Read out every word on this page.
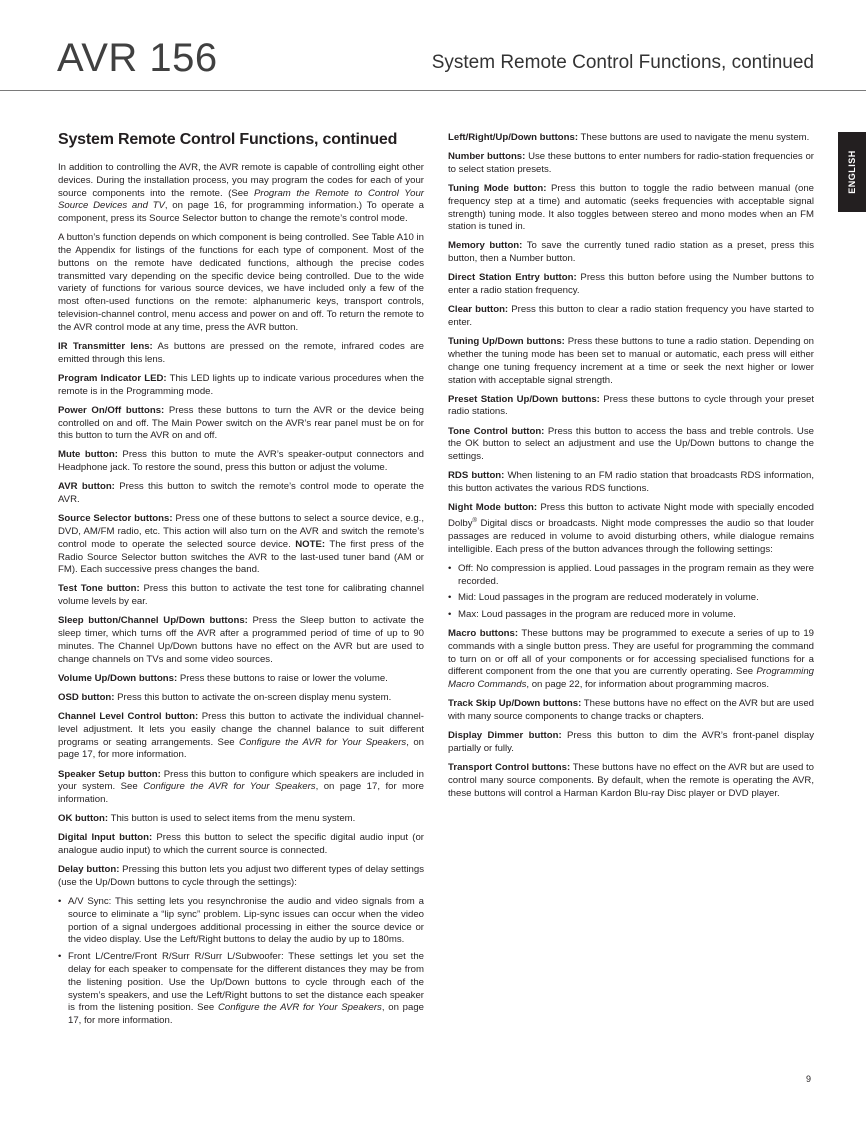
AVR 156	System Remote Control Functions, continued
ENGLISH
System Remote Control Functions, continued

In addition to controlling the AVR, the AVR remote is capable of controlling eight other devices. During the installation process, you may program the codes for each of your source components into the remote. (See Program the Remote to Control Your Source Devices and TV, on page 16, for programming information.) To operate a component, press its Source Selector button to change the remote’s control mode.

A button’s function depends on which component is being controlled. See Table A10 in the Appendix for listings of the functions for each type of component. Most of the buttons on the remote have dedicated functions, although the precise codes transmitted vary depending on the specific device being controlled. Due to the wide variety of functions for various source devices, we have included only a few of the most often-used functions on the remote: alphanumeric keys, transport controls, television-channel control, menu access and power on and off. To return the remote to the AVR control mode at any time, press the AVR button.

IR Transmitter lens: As buttons are pressed on the remote, infrared codes are emitted through this lens.

Program Indicator LED: This LED lights up to indicate various procedures when the remote is in the Programming mode.

Power On/Off buttons: Press these buttons to turn the AVR or the device being controlled on and off. The Main Power switch on the AVR’s rear panel must be on for this button to turn the AVR on and off.

Mute button: Press this button to mute the AVR’s speaker-output connectors and Headphone jack. To restore the sound, press this button or adjust the volume.

AVR button: Press this button to switch the remote’s control mode to operate the AVR.

Source Selector buttons: Press one of these buttons to select a source device, e.g., DVD, AM/FM radio, etc. This action will also turn on the AVR and switch the remote’s control mode to operate the selected source device. NOTE: The first press of the Radio Source Selector button switches the AVR to the last-used tuner band (AM or FM). Each successive press changes the band.

Test Tone button: Press this button to activate the test tone for calibrating channel volume levels by ear.

Sleep button/Channel Up/Down buttons: Press the Sleep button to activate the sleep timer, which turns off the AVR after a programmed period of time of up to 90 minutes. The Channel Up/Down buttons have no effect on the AVR but are used to change channels on TVs and some video sources.

Volume Up/Down buttons: Press these buttons to raise or lower the volume.

OSD button: Press this button to activate the on-screen display menu system.

Channel Level Control button: Press this button to activate the individual channel-level adjustment. It lets you easily change the channel balance to suit different programs or seating arrangements. See Configure the AVR for Your Speakers, on page 17, for more information.

Speaker Setup button: Press this button to configure which speakers are included in your system. See Configure the AVR for Your Speakers, on page 17, for more information.

OK button: This button is used to select items from the menu system.

Digital Input button: Press this button to select the specific digital audio input (or analogue audio input) to which the current source is connected.

Delay button: Pressing this button lets you adjust two different types of delay settings (use the Up/Down buttons to cycle through the settings):

• A/V Sync: This setting lets you resynchronise the audio and video signals from a source to eliminate a “lip sync” problem. Lip-sync issues can occur when the video portion of a signal undergoes additional processing in either the source device or the video display. Use the Left/Right buttons to delay the audio by up to 180ms.
• Front L/Centre/Front R/Surr R/Surr L/Subwoofer: These settings let you set the delay for each speaker to compensate for the different distances they may be from the listening position. Use the Up/Down buttons to cycle through each of the system’s speakers, and use the Left/Right buttons to set the distance each speaker is from the listening position. See Configure the AVR for Your Speakers, on page 17, for more information.

Left/Right/Up/Down buttons: These buttons are used to navigate the menu system.

Number buttons: Use these buttons to enter numbers for radio-station frequencies or to select station presets.

Tuning Mode button: Press this button to toggle the radio between manual (one frequency step at a time) and automatic (seeks frequencies with acceptable signal strength) tuning mode. It also toggles between stereo and mono modes when an FM station is tuned in.

Memory button: To save the currently tuned radio station as a preset, press this button, then a Number button.

Direct Station Entry button: Press this button before using the Number buttons to enter a radio station frequency.

Clear button: Press this button to clear a radio station frequency you have started to enter.

Tuning Up/Down buttons: Press these buttons to tune a radio station. Depending on whether the tuning mode has been set to manual or automatic, each press will either change one tuning frequency increment at a time or seek the next higher or lower station with acceptable signal strength.

Preset Station Up/Down buttons: Press these buttons to cycle through your preset radio stations.

Tone Control button: Press this button to access the bass and treble controls. Use the OK button to select an adjustment and use the Up/Down buttons to change the settings.

RDS button: When listening to an FM radio station that broadcasts RDS information, this button activates the various RDS functions.

Night Mode button: Press this button to activate Night mode with specially encoded Dolby® Digital discs or broadcasts. Night mode compresses the audio so that louder passages are reduced in volume to avoid disturbing others, while dialogue remains intelligible. Each press of the button advances through the following settings:

• Off: No compression is applied. Loud passages in the program remain as they were recorded.
• Mid: Loud passages in the program are reduced moderately in volume.
• Max: Loud passages in the program are reduced more in volume.

Macro buttons: These buttons may be programmed to execute a series of up to 19 commands with a single button press. They are useful for programming the command to turn on or off all of your components or for accessing specialised functions for a different component from the one that you are currently operating. See Programming Macro Commands, on page 22, for information about programming macros.

Track Skip Up/Down buttons: These buttons have no effect on the AVR but are used with many source components to change tracks or chapters.

Display Dimmer button: Press this button to dim the AVR’s front-panel display partially or fully.

Transport Control buttons: These buttons have no effect on the AVR but are used to control many source components. By default, when the remote is operating the AVR, these buttons will control a Harman Kardon Blu-ray Disc player or DVD player.

9
